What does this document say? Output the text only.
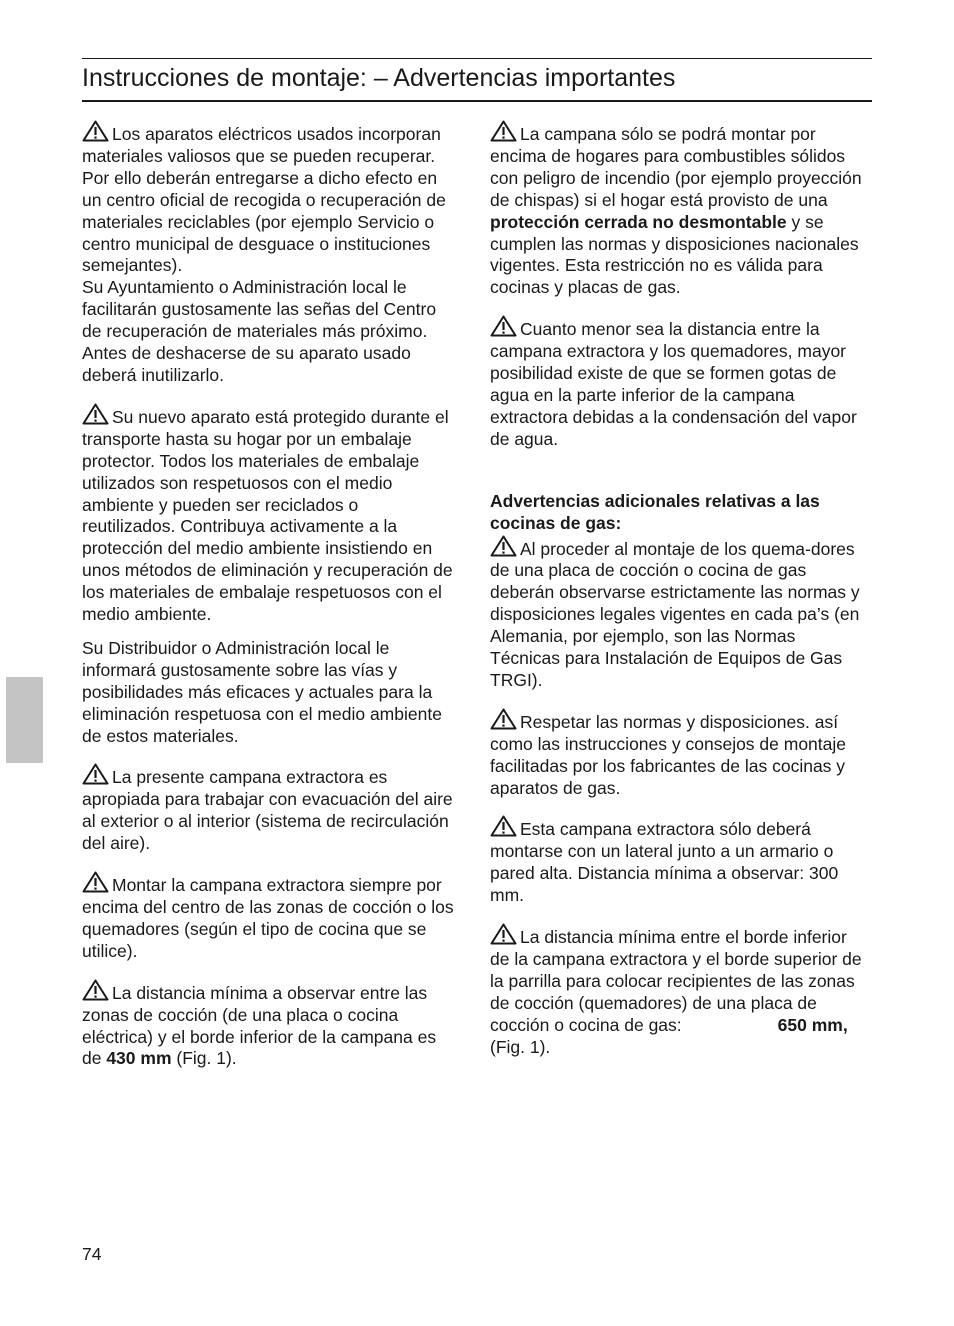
Instrucciones de montaje: – Advertencias importantes

Los aparatos eléctricos usados incorporan materiales valiosos que se pueden recuperar. Por ello deberán entregarse a dicho efecto en un centro oficial de recogida o recuperación de materiales reciclables (por ejemplo Servicio o centro municipal de desguace o instituciones semejantes).

Su Ayuntamiento o Administración local le facilitarán gustosamente las señas del Centro de recuperación de materiales más próximo.

Antes de deshacerse de su aparato usado deberá inutilizarlo.

Su nuevo aparato está protegido durante el transporte hasta su hogar por un embalaje protector. Todos los materiales de embalaje utilizados son respetuosos con el medio ambiente y pueden ser reciclados o reutilizados. Contribuya activamente a la protección del medio ambiente insistiendo en unos métodos de eliminación y recuperación de los materiales de embalaje respetuosos con el medio ambiente.

Su Distribuidor o Administración local le informará gustosamente sobre las vías y posibilidades más eficaces y actuales para la eliminación respetuosa con el medio ambiente de estos materiales.

La presente campana extractora es apropiada para trabajar con evacuación del aire al exterior o al interior (sistema de recirculación del aire).

Montar la campana extractora siempre por encima del centro de las zonas de cocción o los quemadores (según el tipo de cocina que se utilice).

La distancia mínima a observar entre las zonas de cocción (de una placa o cocina eléctrica) y el borde inferior de la campana es de 430 mm (Fig. 1).

La campana sólo se podrá montar por encima de hogares para combustibles sólidos con peligro de incendio (por ejemplo proyección de chispas) si el hogar está provisto de una protección cerrada no desmontable y se cumplen las normas y disposiciones nacionales vigentes. Esta restricción no es válida para cocinas y placas de gas.

Cuanto menor sea la distancia entre la campana extractora y los quemadores, mayor posibilidad existe de que se formen gotas de agua en la parte inferior de la campana extractora debidas a la condensación del vapor de agua.

Advertencias adicionales relativas a las cocinas de gas:

Al proceder al montaje de los quema-dores de una placa de cocción o cocina de gas deberán observarse estrictamente las normas y disposiciones legales vigentes en cada pa’s (en Alemania, por ejemplo, son las Normas Técnicas para Instalación de Equipos de Gas TRGI).

Respetar las normas y disposiciones. así como las instrucciones y consejos de montaje facilitadas por los fabricantes de las cocinas y aparatos de gas.

Esta campana extractora sólo deberá montarse con un lateral junto a un armario o pared alta. Distancia mínima a observar: 300 mm.

La distancia mínima entre el borde inferior de la campana extractora y el borde superior de la parrilla para colocar recipientes de las zonas de cocción (quemadores) de una placa de cocción o cocina de gas:	650 mm, (Fig. 1).

74
